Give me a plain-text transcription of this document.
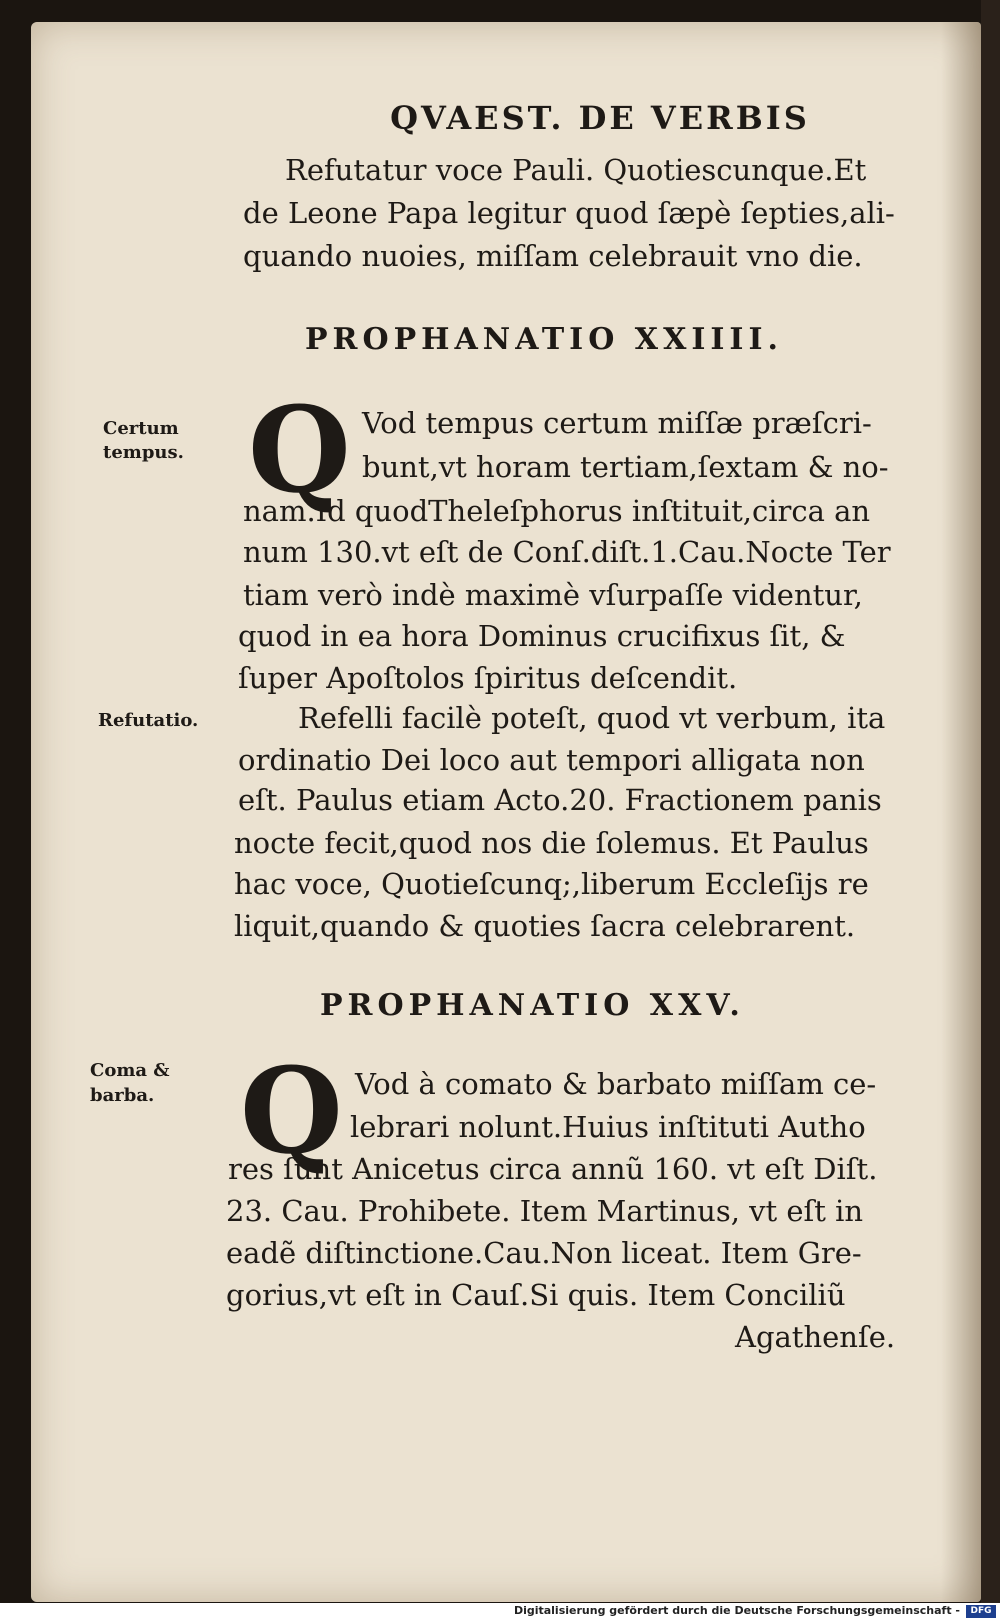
QVAEST. DE VERBIS
Refutatur voce Pauli. Quotiescunque.Et
de Leone Papa legitur quod ſæpè ſepties,ali-
quando nuoies, miſſam celebrauit vno die.
PROPHANATIO XXIIII.
Certum
tempus.
Refutatio.
Q Vod tempus certum miſſæ præſcri-
bunt,vt horam tertiam,ſextam & no-
nam.Id quodTheleſphorus inſtituit,circa an
num 130.vt eſt de Conſ.diſt.1.Cau.Nocte Ter
tiam verò indè maximè vſurpaſſe videntur,
quod in ea hora Dominus crucifixus ſit, &
ſuper Apoſtolos ſpiritus deſcendit.
Refelli facilè poteſt, quod vt verbum, ita
ordinatio Dei loco aut tempori alligata non
eſt. Paulus etiam Acto.20. Fractionem panis
nocte fecit,quod nos die ſolemus. Et Paulus
hac voce, Quotieſcunq;,liberum Eccleſijs re
liquit,quando & quoties ſacra celebrarent.
PROPHANATIO XXV.
Coma &
barba. Q Vod à comato & barbato miſſam ce-
lebrari nolunt.Huius inſtituti Autho
res ſunt Anicetus circa annũ 160. vt eſt Diſt.
23. Cau. Prohibete. Item Martinus, vt eſt in
eadẽ diſtinctione.Cau.Non liceat. Item Gre-
gorius,vt eſt in Cauſ.Si quis. Item Conciliũ
Agathenſe.
Digitalisierung gefördert durch die Deutsche Forschungsgemeinschaft -	DFG
